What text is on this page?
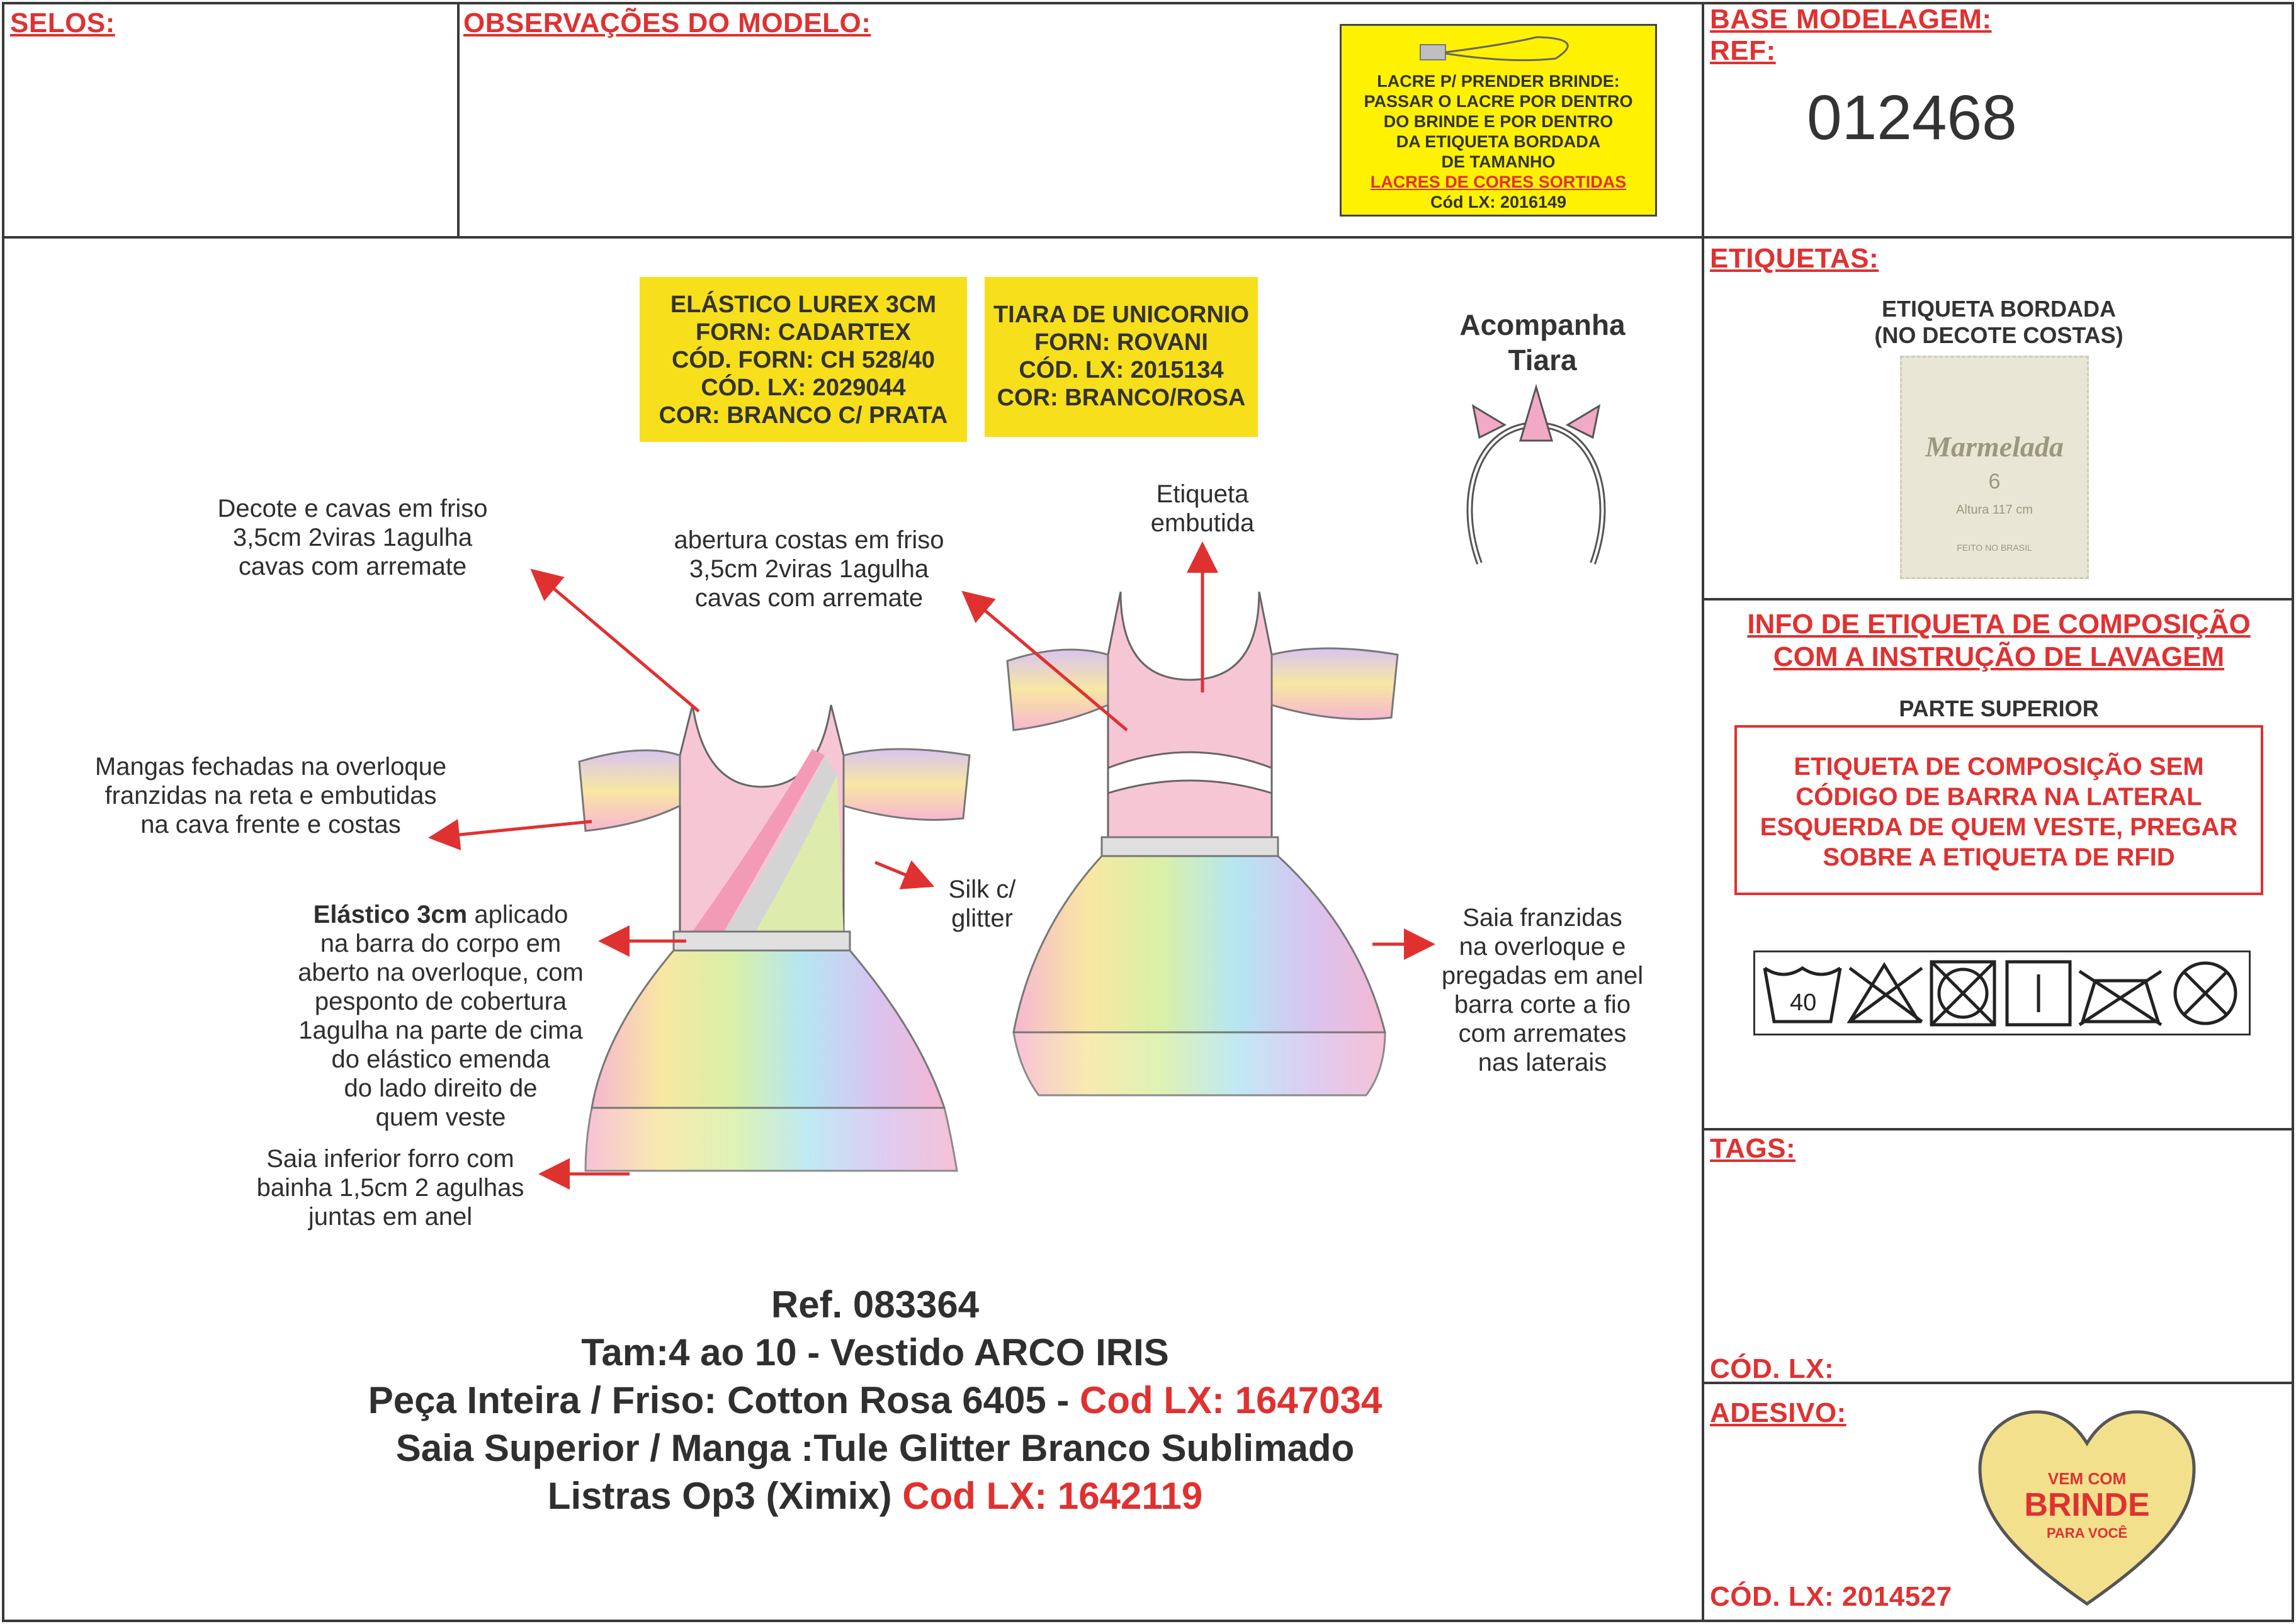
SELOS:	OBSERVAÇÕES DO MODELO:	BASE MODELAGEM:
REF:
012468
LACRE P/ PRENDER BRINDE:
PASSAR O LACRE POR DENTRO
DO BRINDE E POR DENTRO
DA ETIQUETA BORDADA
DE TAMANHO
LACRES DE CORES SORTIDAS
Cód LX: 2016149
ELÁSTICO LUREX 3CM
FORN: CADARTEX
CÓD. FORN: CH 528/40
CÓD. LX: 2029044
COR: BRANCO C/ PRATA
TIARA DE UNICORNIO
FORN: ROVANI
CÓD. LX: 2015134
COR: BRANCO/ROSA
Acompanha
Tiara
Decote e cavas em friso
3,5cm 2viras 1agulha
cavas com arremate
abertura costas em friso
3,5cm 2viras 1agulha
cavas com arremate
Etiqueta
embutida
Mangas fechadas na overloque
franzidas na reta e embutidas
na cava frente e costas
Silk c/
glitter
Elástico 3cm aplicado
na barra do corpo em
aberto na overloque, com
pesponto de cobertura
1agulha na parte de cima
do elástico emenda
do lado direito de
quem veste
Saia franzidas
na overloque e
pregadas em anel
barra corte a fio
com arremates
nas laterais
Saia inferior forro com
bainha 1,5cm 2 agulhas
juntas em anel
Ref. 083364
Tam:4 ao 10 - Vestido ARCO IRIS
Peça Inteira / Friso: Cotton Rosa 6405 - Cod LX: 1647034
Saia Superior / Manga :Tule Glitter Branco Sublimado
Listras Op3 (Ximix) Cod LX: 1642119
ETIQUETAS:
ETIQUETA BORDADA
(NO DECOTE COSTAS)
Marmelada
6
Altura 117 cm
FEITO NO BRASIL
INFO DE ETIQUETA DE COMPOSIÇÃO
COM A INSTRUÇÃO DE LAVAGEM
PARTE SUPERIOR
ETIQUETA DE COMPOSIÇÃO SEM
CÓDIGO DE BARRA NA LATERAL
ESQUERDA DE QUEM VESTE, PREGAR
SOBRE A ETIQUETA DE RFID
40
TAGS:
CÓD. LX:
ADESIVO:
CÓD. LX: 2014527
VEM COM
BRINDE
PARA VOCÊ
